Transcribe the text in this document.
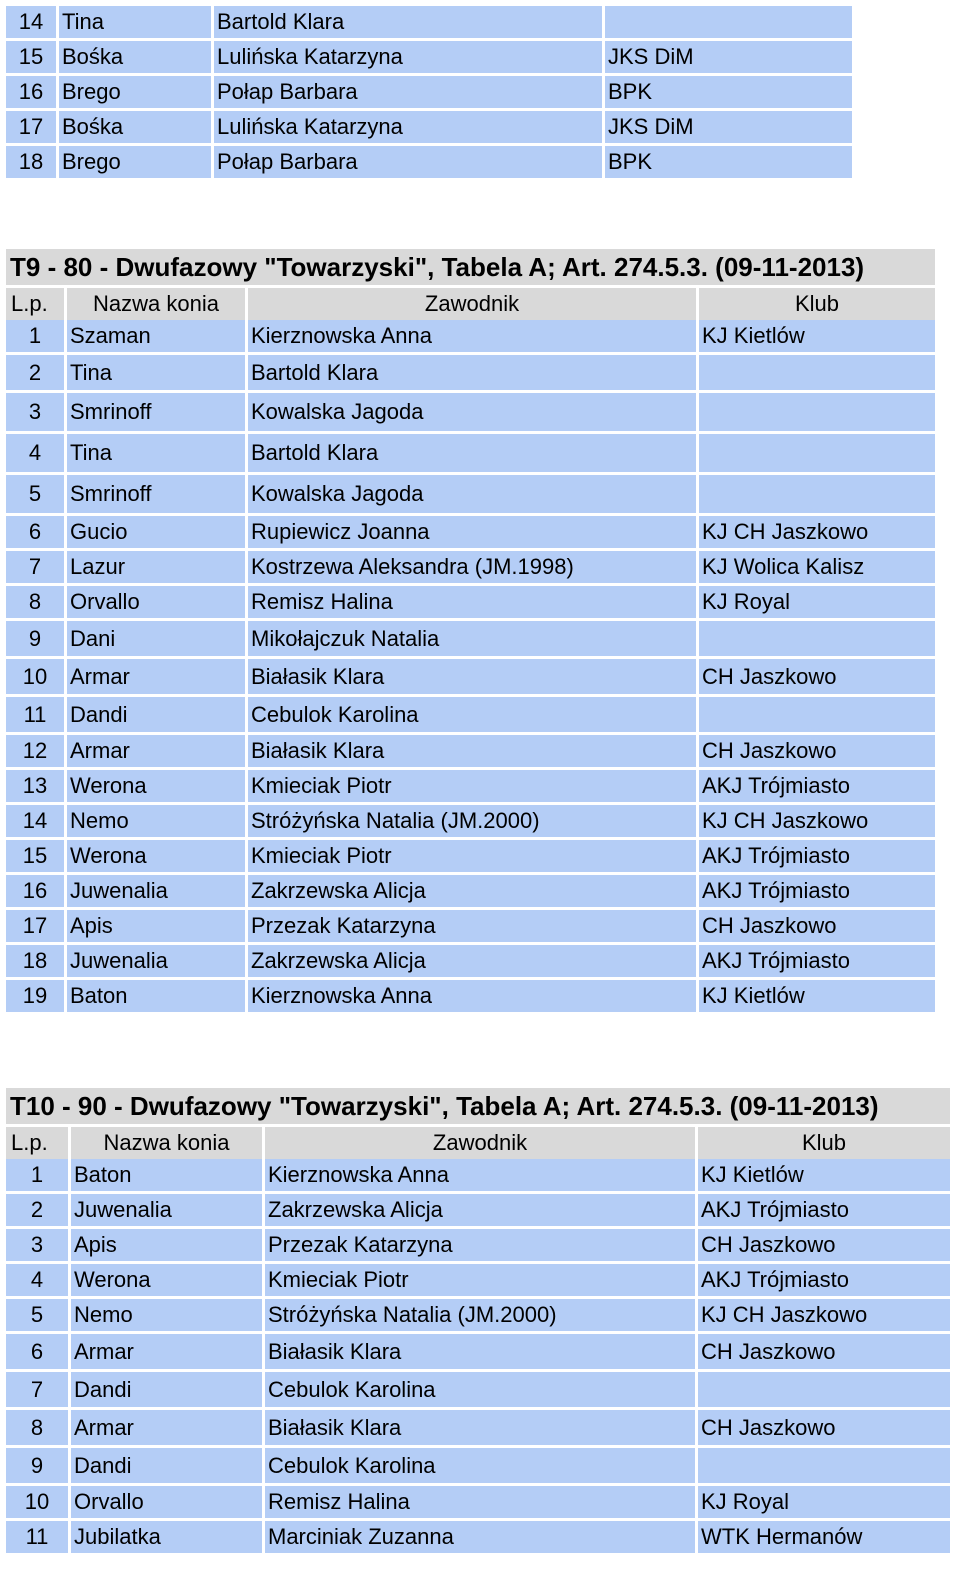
14 Tina	Bartold Klara
15 Bośka	Lulińska Katarzyna	JKS DiM
16 Brego	Połap Barbara	BPK
17 Bośka	Lulińska Katarzyna	JKS DiM
18 Brego	Połap Barbara	BPK
T9 - 80 - Dwufazowy "Towarzyski", Tabela A; Art. 274.5.3. (09-11-2013)
L.p.	Nazwa konia	Zawodnik	Klub
1	Szaman	Kierznowska Anna	KJ Kietlów
2	Tina	Bartold Klara
3	Smrinoff	Kowalska Jagoda
4	Tina	Bartold Klara
5	Smrinoff	Kowalska Jagoda
6	Gucio	Rupiewicz Joanna	KJ CH Jaszkowo
7	Lazur	Kostrzewa Aleksandra (JM.1998)	KJ Wolica Kalisz
8	Orvallo	Remisz Halina	KJ Royal
9	Dani	Mikołajczuk Natalia
10	Armar	Białasik Klara	CH Jaszkowo
11	Dandi	Cebulok Karolina
12	Armar	Białasik Klara	CH Jaszkowo
13	Werona	Kmieciak Piotr	AKJ Trójmiasto
14	Nemo	Stróżyńska Natalia (JM.2000)	KJ CH Jaszkowo
15	Werona	Kmieciak Piotr	AKJ Trójmiasto
16	Juwenalia	Zakrzewska Alicja	AKJ Trójmiasto
17	Apis	Przezak Katarzyna	CH Jaszkowo
18	Juwenalia	Zakrzewska Alicja	AKJ Trójmiasto
19	Baton	Kierznowska Anna	KJ Kietlów
T10 - 90 - Dwufazowy "Towarzyski", Tabela A; Art. 274.5.3. (09-11-2013)
L.p.	Nazwa konia	Zawodnik	Klub
1	Baton	Kierznowska Anna	KJ Kietlów
2	Juwenalia	Zakrzewska Alicja	AKJ Trójmiasto
3	Apis	Przezak Katarzyna	CH Jaszkowo
4	Werona	Kmieciak Piotr	AKJ Trójmiasto
5	Nemo	Stróżyńska Natalia (JM.2000)	KJ CH Jaszkowo
6	Armar	Białasik Klara	CH Jaszkowo
7	Dandi	Cebulok Karolina
8	Armar	Białasik Klara	CH Jaszkowo
9	Dandi	Cebulok Karolina
10	Orvallo	Remisz Halina	KJ Royal
11	Jubilatka	Marciniak Zuzanna	WTK Hermanów
